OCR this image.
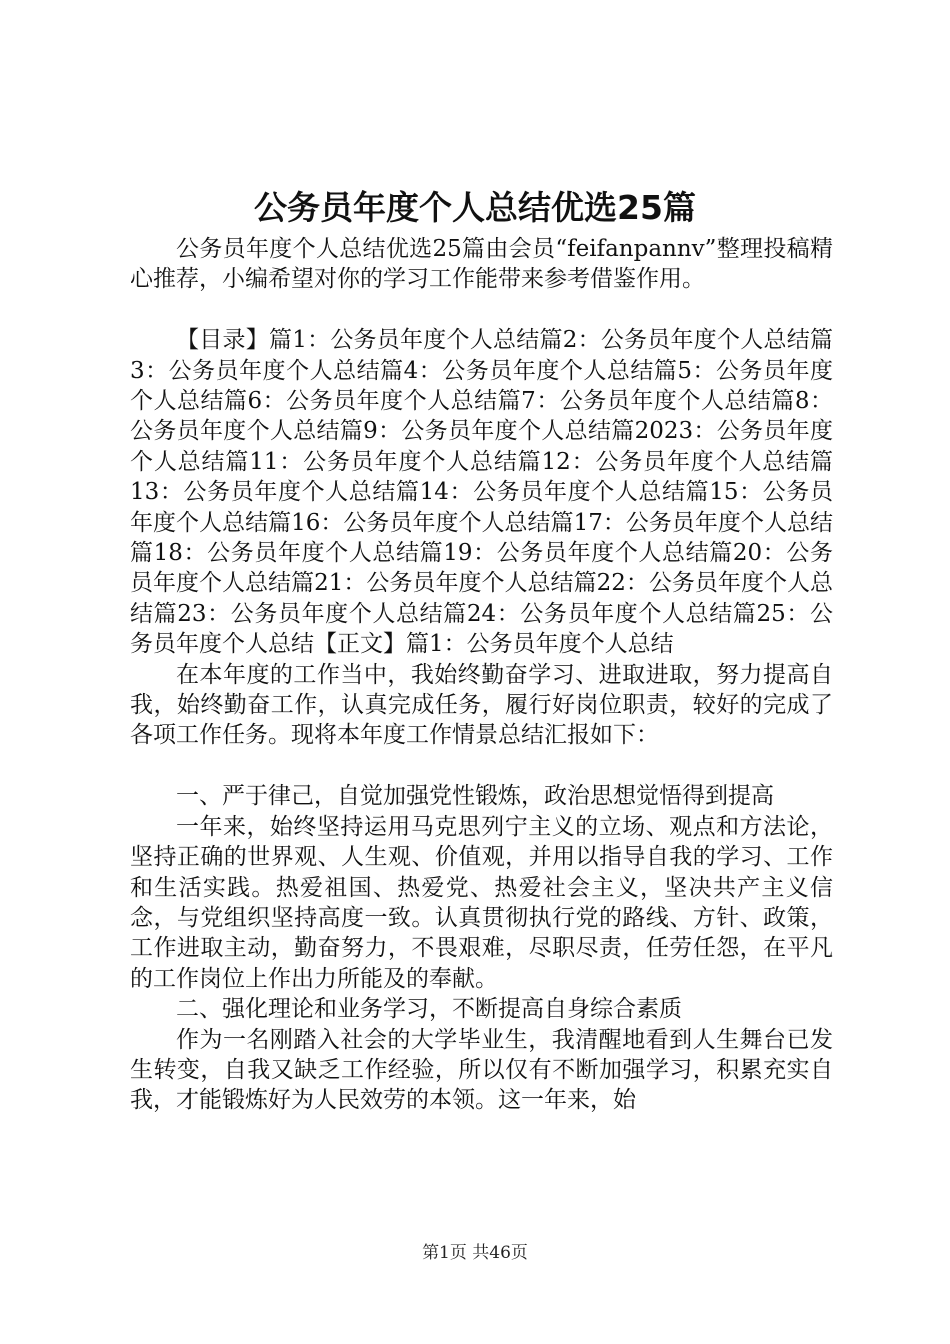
公务员年度个人总结优选25篇

公务员年度个人总结优选25篇由会员“feifanpannv”整理投稿精心推荐，小编希望对你的学习工作能带来参考借鉴作用。

【目录】篇1：公务员年度个人总结篇2：公务员年度个人总结篇3：公务员年度个人总结篇4：公务员年度个人总结篇5：公务员年度个人总结篇6：公务员年度个人总结篇7：公务员年度个人总结篇8：公务员年度个人总结篇9：公务员年度个人总结篇2023：公务员年度个人总结篇11：公务员年度个人总结篇12：公务员年度个人总结篇13：公务员年度个人总结篇14：公务员年度个人总结篇15：公务员年度个人总结篇16：公务员年度个人总结篇17：公务员年度个人总结篇18：公务员年度个人总结篇19：公务员年度个人总结篇20：公务员年度个人总结篇21：公务员年度个人总结篇22：公务员年度个人总结篇23：公务员年度个人总结篇24：公务员年度个人总结篇25：公务员年度个人总结【正文】篇1：公务员年度个人总结

在本年度的工作当中，我始终勤奋学习、进取进取，努力提高自我，始终勤奋工作，认真完成任务，履行好岗位职责，较好的完成了各项工作任务。现将本年度工作情景总结汇报如下：

一、严于律己，自觉加强党性锻炼，政治思想觉悟得到提高

一年来，始终坚持运用马克思列宁主义的立场、观点和方法论，坚持正确的世界观、人生观、价值观，并用以指导自我的学习、工作和生活实践。热爱祖国、热爱党、热爱社会主义，坚决共产主义信念，与党组织坚持高度一致。认真贯彻执行党的路线、方针、政策，工作进取主动，勤奋努力，不畏艰难，尽职尽责，任劳任怨，在平凡的工作岗位上作出力所能及的奉献。

二、强化理论和业务学习，不断提高自身综合素质

作为一名刚踏入社会的大学毕业生，我清醒地看到人生舞台已发生转变，自我又缺乏工作经验，所以仅有不断加强学习，积累充实自我，才能锻炼好为人民效劳的本领。这一年来，始

第1页 共46页
